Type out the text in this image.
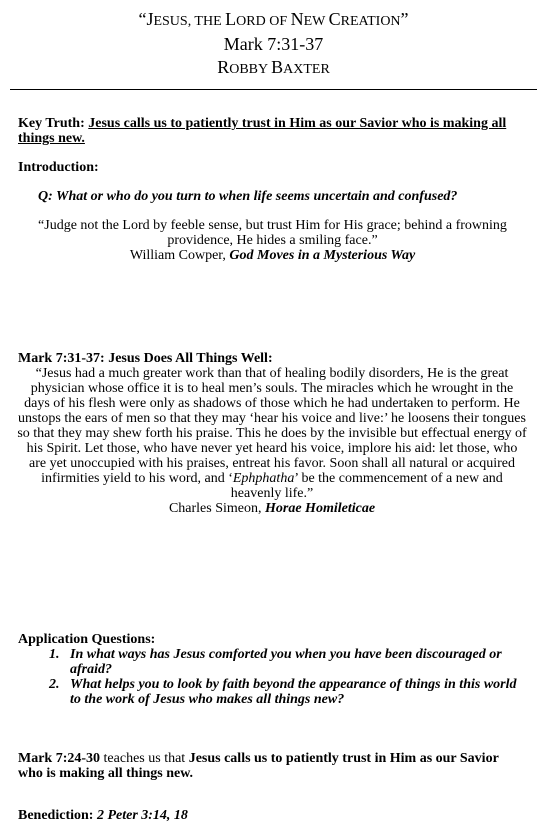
“JESUS, THE LORD OF NEW CREATION”
Mark 7:31-37
ROBBY BAXTER
Key Truth: Jesus calls us to patiently trust in Him as our Savior who is making all things new.
Introduction:
Q: What or who do you turn to when life seems uncertain and confused?
“Judge not the Lord by feeble sense, but trust Him for His grace; behind a frowning providence, He hides a smiling face.”
William Cowper, God Moves in a Mysterious Way
Mark 7:31-37: Jesus Does All Things Well:
“Jesus had a much greater work than that of healing bodily disorders, He is the great physician whose office it is to heal men’s souls. The miracles which he wrought in the days of his flesh were only as shadows of those which he had undertaken to perform. He unstops the ears of men so that they may ‘hear his voice and live:’ he loosens their tongues so that they may shew forth his praise. This he does by the invisible but effectual energy of his Spirit. Let those, who have never yet heard his voice, implore his aid: let those, who are yet unoccupied with his praises, entreat his favor. Soon shall all natural or acquired infirmities yield to his word, and ‘Ephphatha’ be the commencement of a new and heavenly life.”
Charles Simeon, Horae Homileticae
Application Questions:
1. In what ways has Jesus comforted you when you have been discouraged or afraid?
2. What helps you to look by faith beyond the appearance of things in this world to the work of Jesus who makes all things new?
Mark 7:24-30 teaches us that Jesus calls us to patiently trust in Him as our Savior who is making all things new.
Benediction: 2 Peter 3:14, 18
